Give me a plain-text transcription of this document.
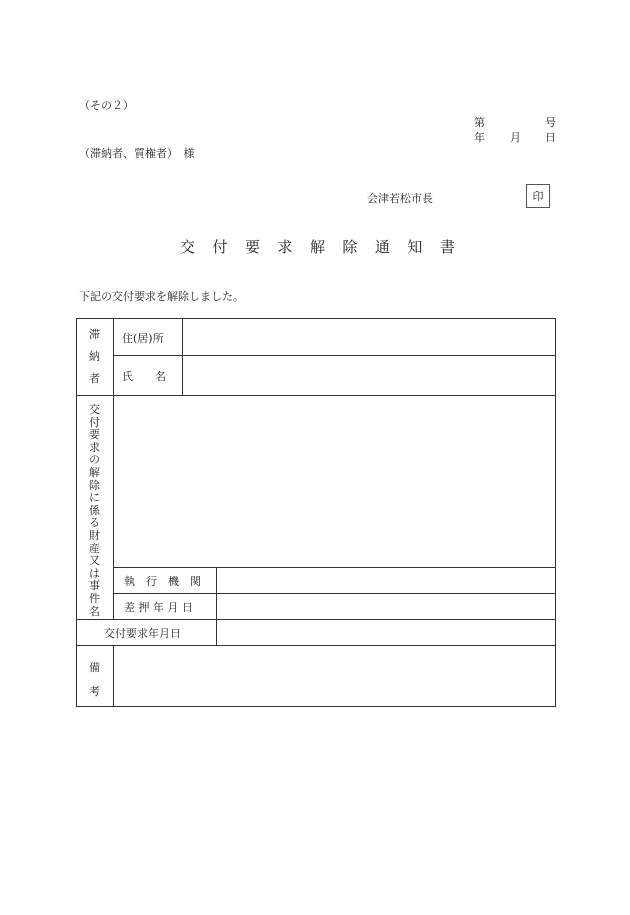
（その２）
第	号
年 月 日
（滞納者、質権者）　様
会津若松市長	印
交 付 要 求 解 除 通 知 書
下記の交付要求を解除しました。
滞
納
者
住(居)所
氏　　名
交
付
要
求
の
解
除
に
係
る
財
産
又
は
事
件
名
執　行　機　関
差 押 年 月 日
交付要求年月日
備
考
